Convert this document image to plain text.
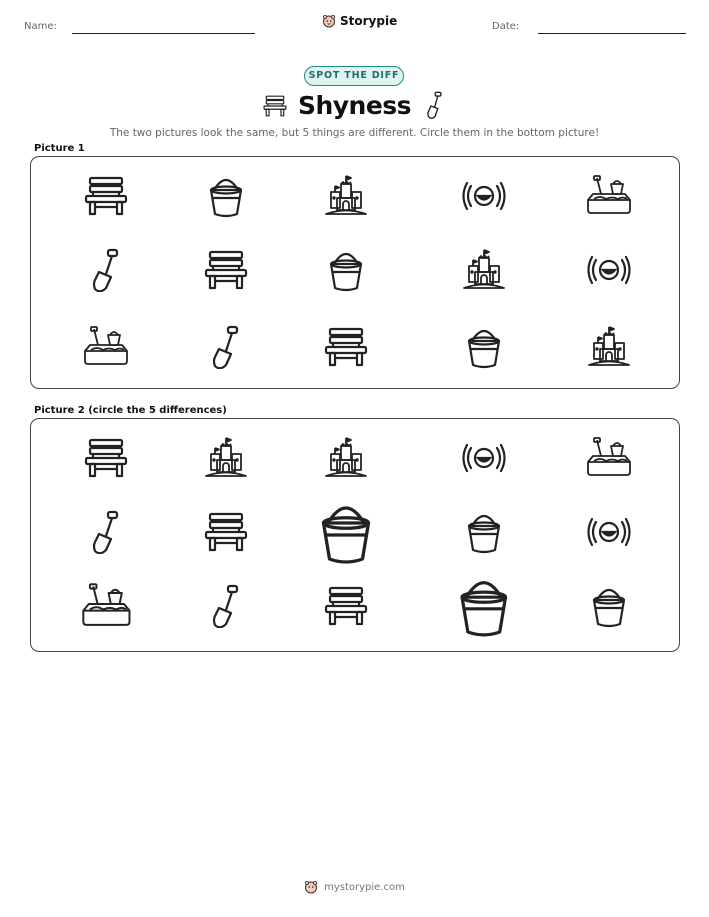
Name:	Storypie	Date:
SPOT THE DIFF
Shyness
The two pictures look the same, but 5 things are different. Circle them in the bottom picture!
Picture 1
Picture 2 (circle the 5 differences)
mystorypie.com
